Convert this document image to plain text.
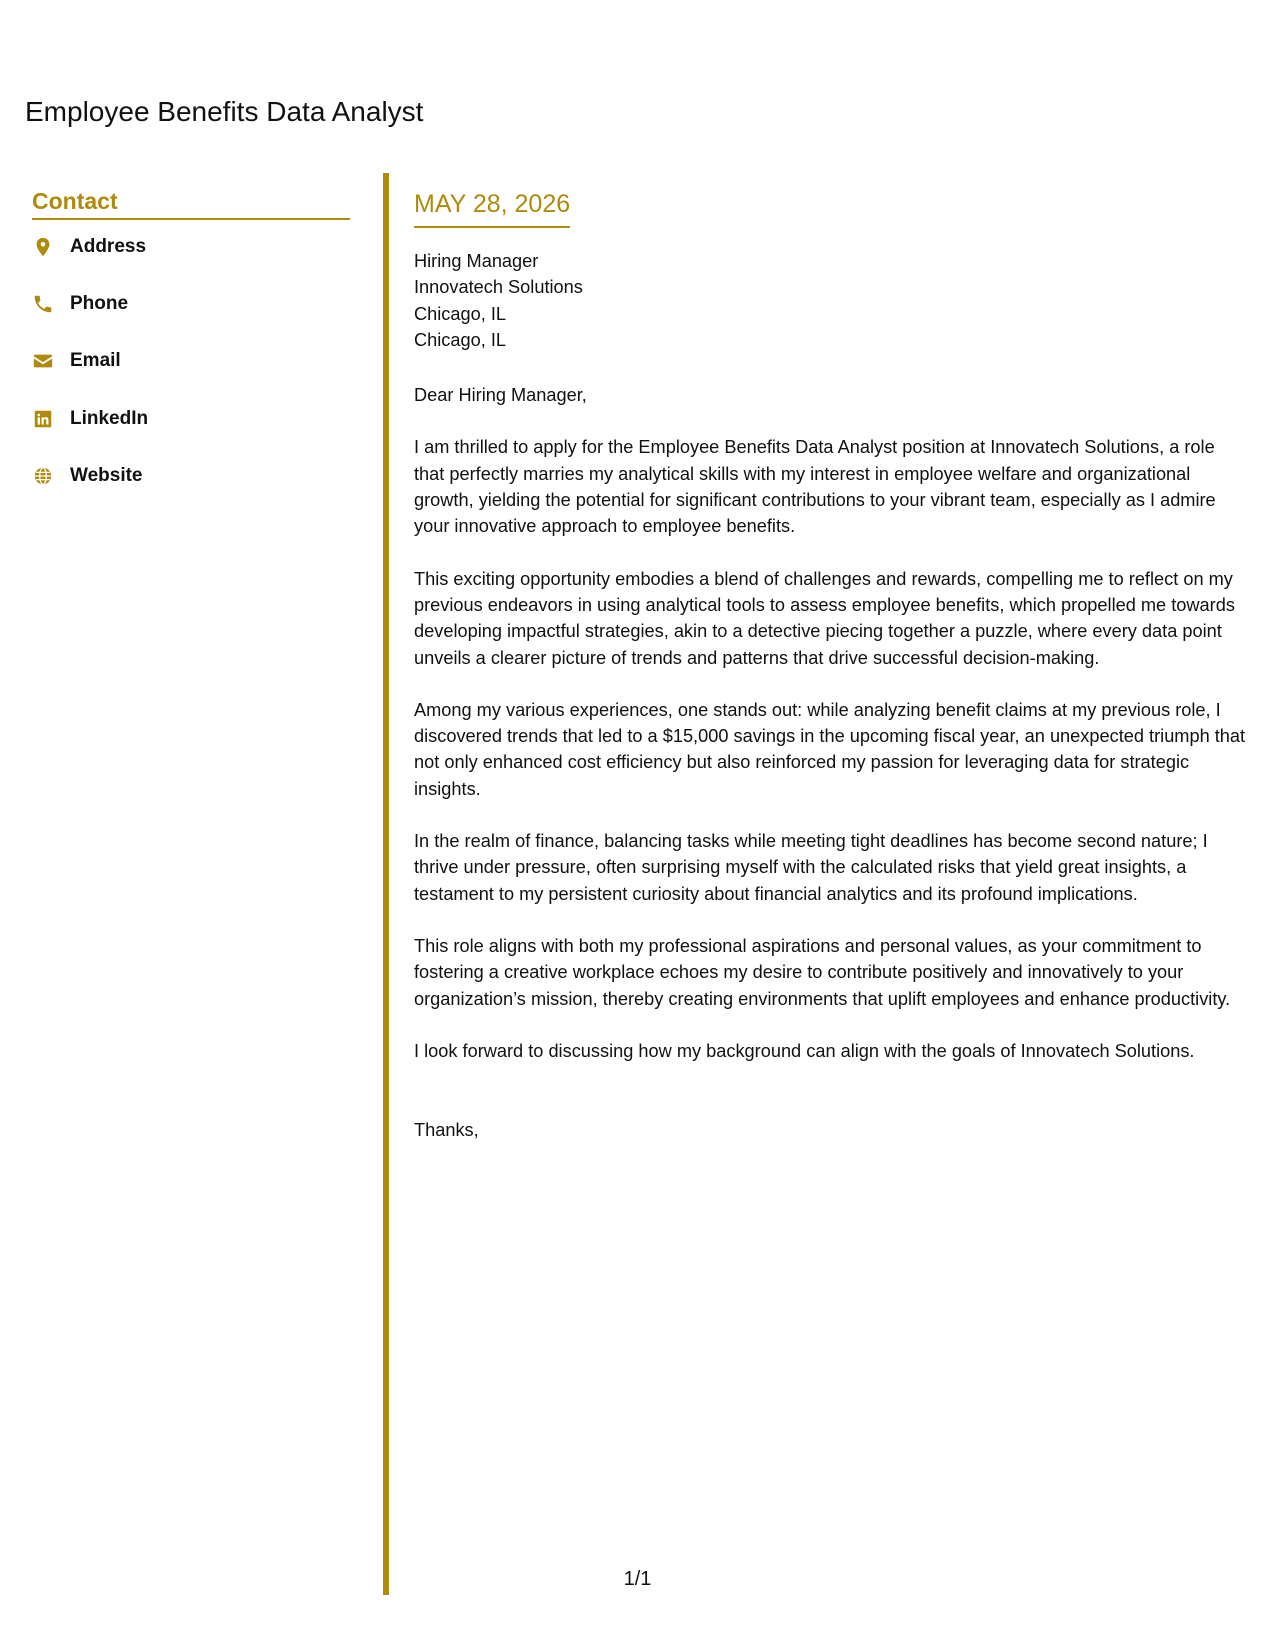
Employee Benefits Data Analyst
Contact
Address
Phone
Email
LinkedIn
Website
MAY 28, 2026

Hiring Manager

Innovatech Solutions

Chicago, IL

Chicago, IL

Dear Hiring Manager,

I am thrilled to apply for the Employee Benefits Data Analyst position at Innovatech Solutions, a role that perfectly marries my analytical skills with my interest in employee welfare and organizational growth, yielding the potential for significant contributions to your vibrant team, especially as I admire your innovative approach to employee benefits.

This exciting opportunity embodies a blend of challenges and rewards, compelling me to reflect on my previous endeavors in using analytical tools to assess employee benefits, which propelled me towards developing impactful strategies, akin to a detective piecing together a puzzle, where every data point unveils a clearer picture of trends and patterns that drive successful decision-making.

Among my various experiences, one stands out: while analyzing benefit claims at my previous role, I discovered trends that led to a $15,000 savings in the upcoming fiscal year, an unexpected triumph that not only enhanced cost efficiency but also reinforced my passion for leveraging data for strategic insights.

In the realm of finance, balancing tasks while meeting tight deadlines has become second nature; I thrive under pressure, often surprising myself with the calculated risks that yield great insights, a testament to my persistent curiosity about financial analytics and its profound implications.

This role aligns with both my professional aspirations and personal values, as your commitment to fostering a creative workplace echoes my desire to contribute positively and innovatively to your organization’s mission, thereby creating environments that uplift employees and enhance productivity.

I look forward to discussing how my background can align with the goals of Innovatech Solutions.

Thanks,

1/1
